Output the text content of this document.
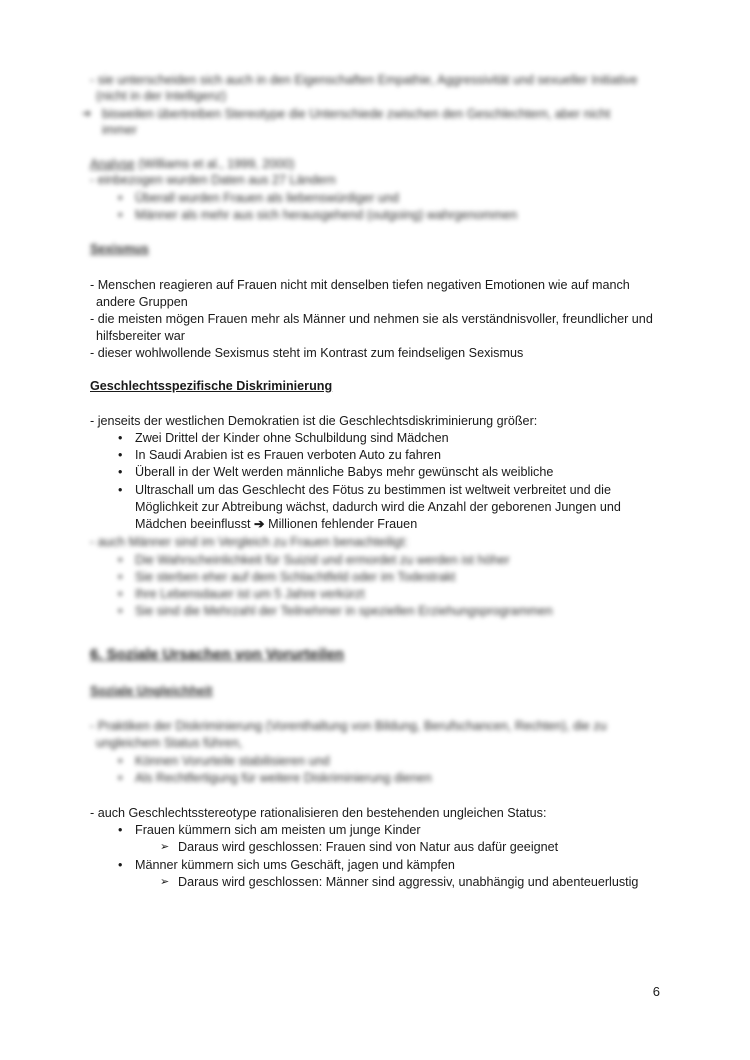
- sie unterscheiden sich auch in den Eigenschaften Empathie, Aggressivität und sexueller Initiative
(nicht in der Intelligenz)
➔ bisweilen übertreiben Stereotype die Unterschiede zwischen den Geschlechtern, aber nicht
immer
Analyse (Williams et al., 1999, 2000)
- einbezogen wurden Daten aus 27 Ländern
• Überall wurden Frauen als liebenswürdiger und
• Männer als mehr aus sich herausgehend (outgoing) wahrgenommen
Sexismus
- Menschen reagieren auf Frauen nicht mit denselben tiefen negativen Emotionen wie auf manch
andere Gruppen
- die meisten mögen Frauen mehr als Männer und nehmen sie als verständnisvoller, freundlicher und
hilfsbereiter war
- dieser wohlwollende Sexismus steht im Kontrast zum feindseligen Sexismus
Geschlechtsspezifische Diskriminierung
- jenseits der westlichen Demokratien ist die Geschlechtsdiskriminierung größer:
• Zwei Drittel der Kinder ohne Schulbildung sind Mädchen
• In Saudi Arabien ist es Frauen verboten Auto zu fahren
• Überall in der Welt werden männliche Babys mehr gewünscht als weibliche
• Ultraschall um das Geschlecht des Fötus zu bestimmen ist weltweit verbreitet und die
Möglichkeit zur Abtreibung wächst, dadurch wird die Anzahl der geborenen Jungen und
Mädchen beeinflusst ➔ Millionen fehlender Frauen
- auch Männer sind im Vergleich zu Frauen benachteiligt:
• Die Wahrscheinlichkeit für Suizid und ermordet zu werden ist höher
• Sie sterben eher auf dem Schlachtfeld oder im Todestrakt
• Ihre Lebensdauer ist um 5 Jahre verkürzt
• Sie sind die Mehrzahl der Teilnehmer in speziellen Erziehungsprogrammen
6. Soziale Ursachen von Vorurteilen
Soziale Ungleichheit
- Praktiken der Diskriminierung (Vorenthaltung von Bildung, Berufschancen, Rechten), die zu
ungleichem Status führen,
• Können Vorurteile stabilisieren und
• Als Rechtfertigung für weitere Diskriminierung dienen
- auch Geschlechtsstereotype rationalisieren den bestehenden ungleichen Status:
• Frauen kümmern sich am meisten um junge Kinder
➢ Daraus wird geschlossen: Frauen sind von Natur aus dafür geeignet
• Männer kümmern sich ums Geschäft, jagen und kämpfen
➢ Daraus wird geschlossen: Männer sind aggressiv, unabhängig und abenteuerlustig
6
